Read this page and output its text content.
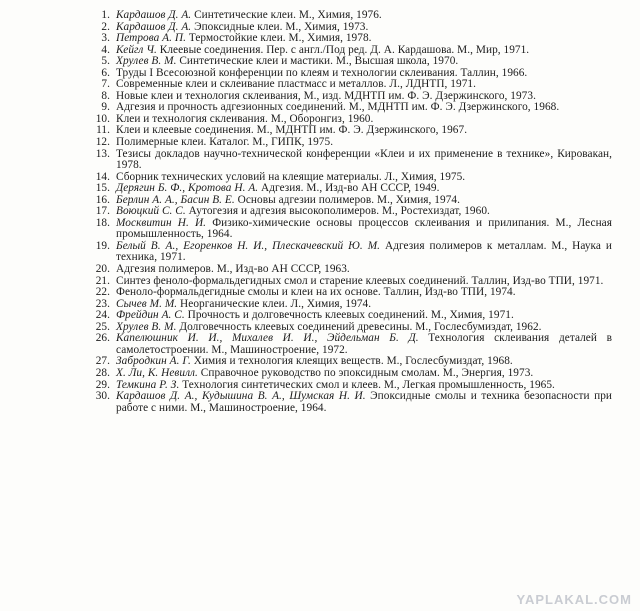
1. Кардашов Д. А. Синтетические клеи. М., Химия, 1976.
2. Кардашов Д. А. Эпоксидные клеи. М., Химия, 1973.
3. Петрова А. П. Термостойкие клеи. М., Химия, 1978.
4. Кейгл Ч. Клеевые соединения. Пер. с англ./Под ред. Д. А. Кардашова. М., Мир, 1971.
5. Хрулев В. М. Синтетические клеи и мастики. М., Высшая школа, 1970.
6. Труды I Всесоюзной конференции по клеям и технологии склеивания. Таллин, 1966.
7. Современные клеи и склеивание пластмасс и металлов. Л., ЛДНТП, 1971.
8. Новые клеи и технология склеивания, М., изд. МДНТП им. Ф. Э. Дзержинского, 1973.
9. Адгезия и прочность адгезионных соединений. М., МДНТП им. Ф. Э. Дзержинского, 1968.
10. Клеи и технология склеивания. М., Оборонгиз, 1960.
11. Клеи и клеевые соединения. М., МДНТП им. Ф. Э. Дзержинского, 1967.
12. Полимерные клеи. Каталог. М., ГИПК, 1975.
13. Тезисы докладов научно-технической конференции «Клеи и их применение в технике», Кировакан, 1978.
14. Сборник технических условий на клеящие материалы. Л., Химия, 1975.
15. Дерягин Б. Ф., Кротова Н. А. Адгезия. М., Изд-во АН СССР, 1949.
16. Берлин А. А., Басин В. Е. Основы адгезии полимеров. М., Химия, 1974.
17. Воюцкий С. С. Аутогезия и адгезия высокополимеров. М., Ростехиздат, 1960.
18. Москвитин Н. И. Физико-химические основы процессов склеивания и прилипания. М., Лесная промышленность, 1964.
19. Белый В. А., Егоренков Н. И., Плескачевский Ю. М. Адгезия полимеров к металлам. М., Наука и техника, 1971.
20. Адгезия полимеров. М., Изд-во АН СССР, 1963.
21. Синтез феноло-формальдегидных смол и старение клеевых соединений. Таллин, Изд-во ТПИ, 1971.
22. Феноло-формальдегидные смолы и клеи на их основе. Таллин, Изд-во ТПИ, 1974.
23. Сычев М. М. Неорганические клеи. Л., Химия, 1974.
24. Фрейдин А. С. Прочность и долговечность клеевых соединений. М., Химия, 1971.
25. Хрулев В. М. Долговечность клеевых соединений древесины. М., Гослесбумиздат, 1962.
26. Капелюшник И. И., Михалев И. И., Эйдельман Б. Д. Технология склеивания деталей в самолетостроении. М., Машиностроение, 1972.
27. Забродкин А. Г. Химия и технология клеящих веществ. М., Гослесбумиздат, 1968.
28. Х. Ли, К. Невилл. Справочное руководство по эпоксидным смолам. М., Энергия, 1973.
29. Темкина Р. З. Технология синтетических смол и клеев. М., Легкая промышленность, 1965.
30. Кардашов Д. А., Кудышина В. А., Шумская Н. И. Эпоксидные смолы и техника безопасности при работе с ними. М., Машиностроение, 1964.
YAPLAKAL.COM
